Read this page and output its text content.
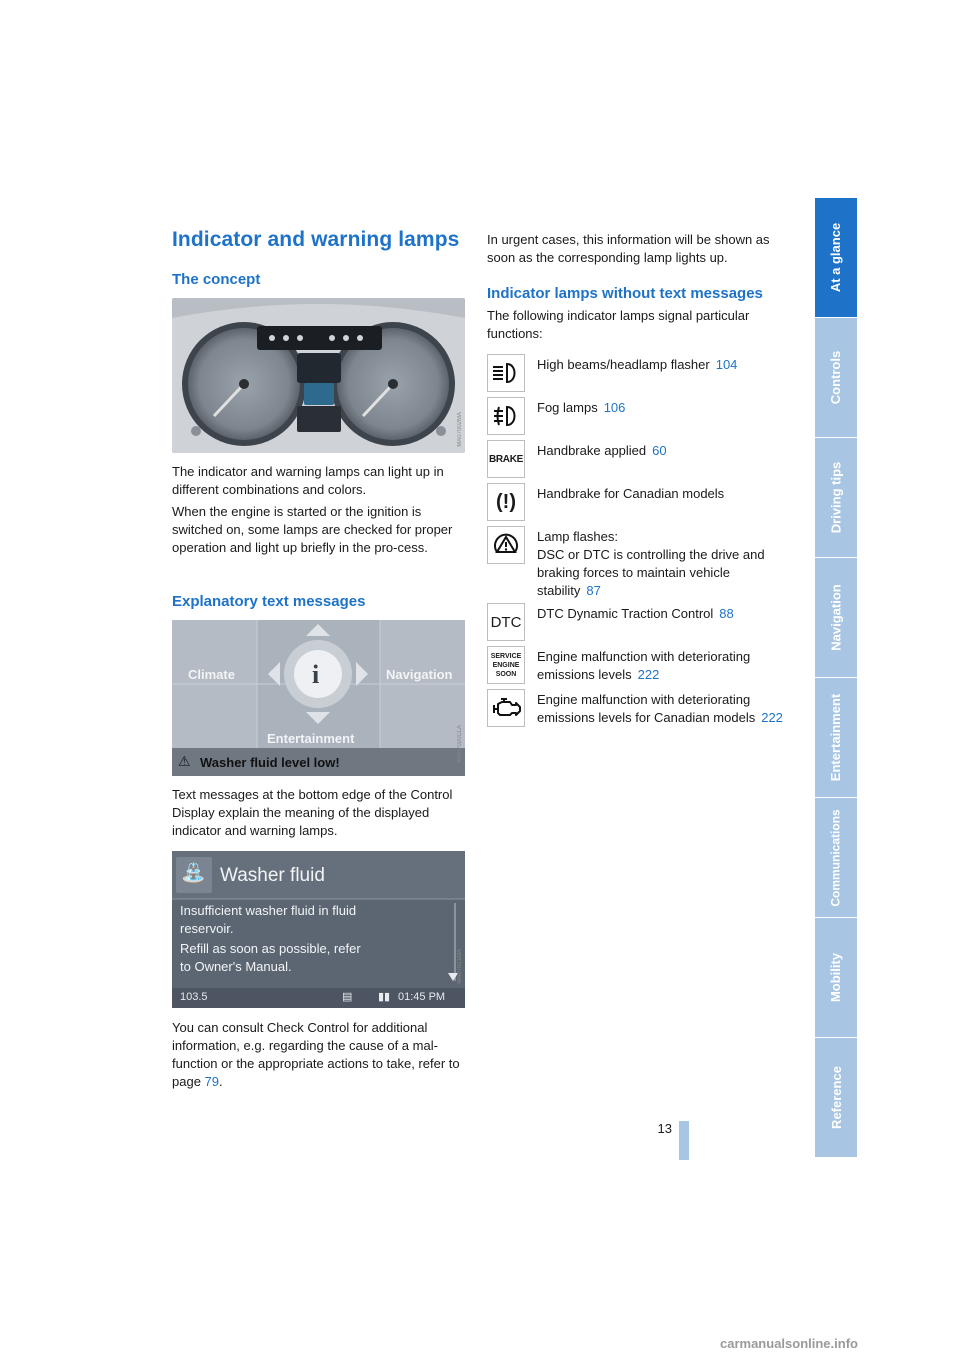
Indicator and warning lamps
The concept
MA07002MA

The indicator and warning lamps can light up in different combinations and colors.

When the engine is started or the ignition is switched on, some lamps are checked for proper operation and light up briefly in the pro-cess.

Explanatory text messages
i
Climate	Navigation
Entertainment
⚠ Washer fluid level low!
MA07020CLA

Text messages at the bottom edge of the Control Display explain the meaning of the displayed indicator and warning lamps.

⛲ Washer fluid
Insufficient washer fluid in fluid
reservoir.
Refill as soon as possible, refer
to Owner's Manual.
103.5	▤ ▮▮ 01:45 PM
MA07021MA

You can consult Check Control for additional information, e.g. regarding the cause of a mal-function or the appropriate actions to take, refer to page 79.

In urgent cases, this information will be shown as soon as the corresponding lamp lights up.

Indicator lamps without text messages

The following indicator lamps signal particular functions:

High beams/headlamp flasher 104
Fog lamps 106
BRAKE
Handbrake applied 60
(!) Handbrake for Canadian models
Lamp flashes:
DSC or DTC is controlling the drive and braking forces to maintain vehicle stability 87
DTC DTC Dynamic Traction Control 88
SERVICE
ENGINE
SOON
Engine malfunction with deteriorating emissions levels 222
Engine malfunction with deteriorating emissions levels for Canadian models 222
At a glance
Controls
Driving tips
Navigation
Entertainment
Communications
Mobility
Reference
13
carmanualsonline.info
